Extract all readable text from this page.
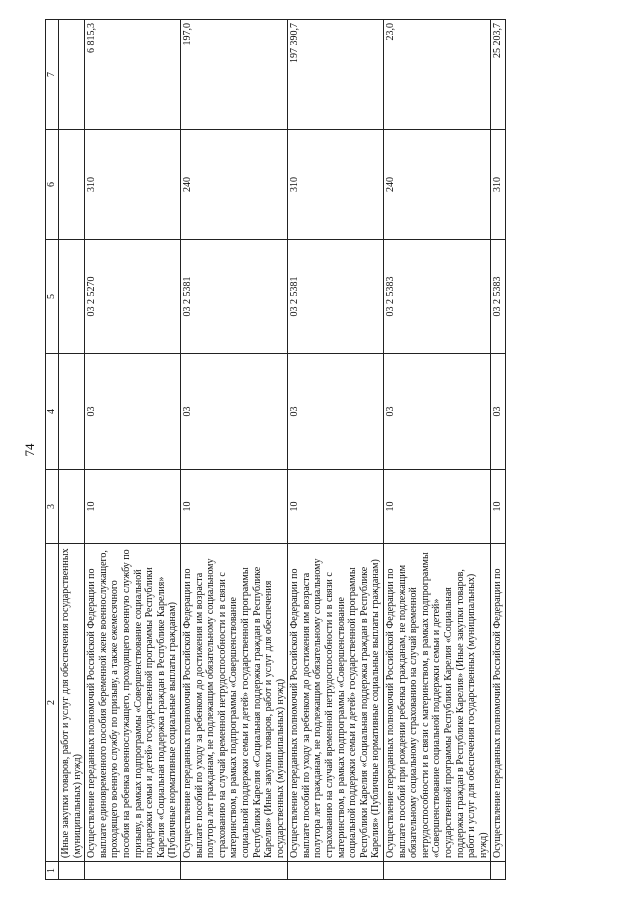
74
1	2	3	4	5	6	7
	(Иные закупки товаров, работ и услуг для обеспечения государственных (муниципальных) нужд)					
	Осуществление переданных полномочий Российской Федерации по выплате единовременного пособия беременной жене военнослужащего, проходящего военную службу по призыву, а также ежемесячного пособия на ребенка военнослужащего, проходящего военную службу по призыву, в рамках подпрограммы «Совершенствование социальной поддержки семьи и детей» государственной программы Республики Карелия «Социальная поддержка граждан в Республике Карелия» (Публичные нормативные социальные выплаты гражданам)	10	03	03 2 5270	310	6 815,3
	Осуществление переданных полномочий Российской Федерации по выплате пособий по уходу за ребенком до достижения им возраста полутора лет гражданам, не подлежащим обязательному социальному страхованию на случай временной нетрудоспособности и в связи с материнством, в рамках подпрограммы «Совершенствование социальной поддержки семьи и детей» государственной программы Республики Карелия «Социальная поддержка граждан в Республике Карелия» (Иные закупки товаров, работ и услуг для обеспечения государственных (муниципальных) нужд)	10	03	03 2 5381	240	197,0
	Осуществление переданных полномочий Российской Федерации по выплате пособий по уходу за ребенком до достижения им возраста полутора лет гражданам, не подлежащим обязательному социальному страхованию на случай временной нетрудоспособности и в связи с материнством, в рамках подпрограммы «Совершенствование социальной поддержки семьи и детей» государственной программы Республики Карелия «Социальная поддержка граждан в Республике Карелия» (Публичные нормативные социальные выплаты гражданам)	10	03	03 2 5381	310	197 390,7
	Осуществление переданных полномочий Российской Федерации по выплате пособий при рождении ребенка гражданам, не подлежащим обязательному социальному страхованию на случай временной нетрудоспособности и в связи с материнством, в рамках подпрограммы «Совершенствование социальной поддержки семьи и детей» государственной программы Республики Карелия «Социальная поддержка граждан в Республике Карелия» (Иные закупки товаров, работ и услуг для обеспечения государственных (муниципальных) нужд)	10	03	03 2 5383	240	23,0
	Осуществление переданных полномочий Российской Федерации по	10	03	03 2 5383	310	25 203,7
